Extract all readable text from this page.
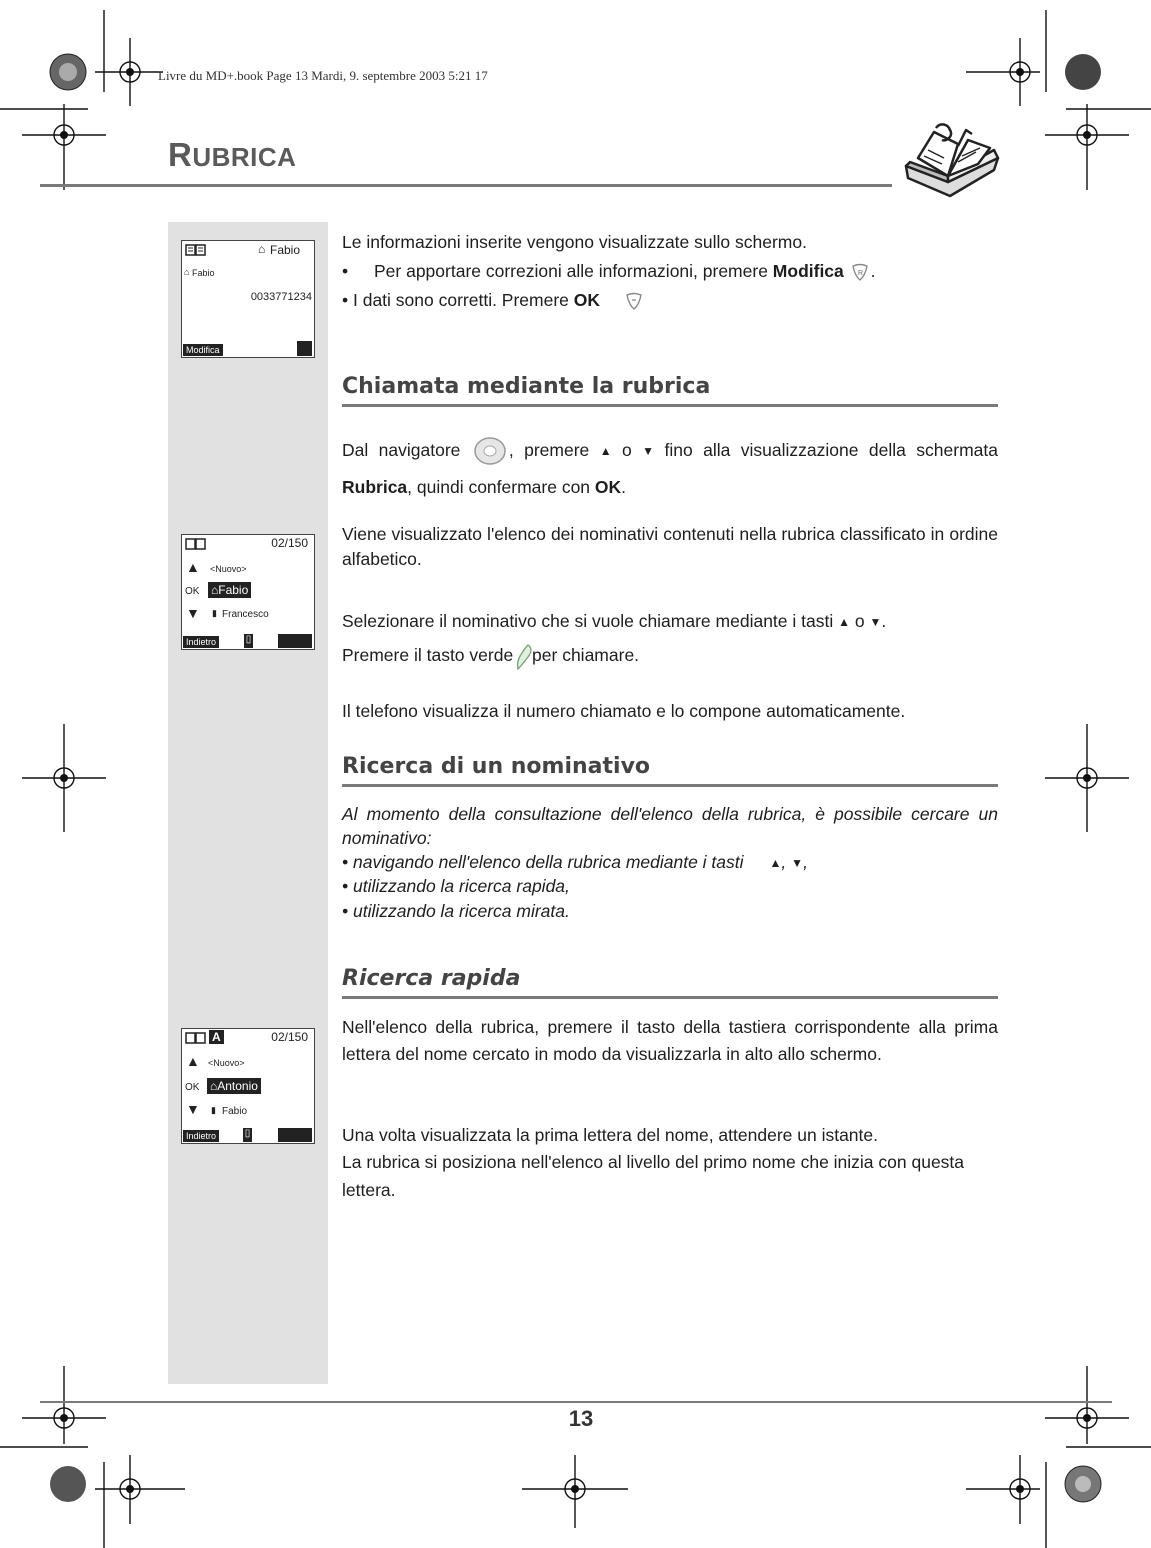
Livre du MD+.book Page 13 Mardi, 9. septembre 2003 5:21 17
RUBRICA
⌂ Fabio
⌂ Fabio
0033771234
Modifica
02/150
▲ <Nuovo>
OK ⌂Fabio
▼ ▮ Francesco
Indietro	▯
A	02/150
▲ <Nuovo>
OK ⌂Antonio
▼ ▮ Fabio
Indietro	▯

Le informazioni inserite vengono visualizzate sullo schermo.

• Per apportare correzioni alle informazioni, premere Modifica R .

• I dati sono corretti. Premere OK

Chiamata mediante la rubrica
Dal navigatore , premere ▲ o ▼ fino alla visualizzazione della schermata Rubrica, quindi confermare con OK.
Viene visualizzato l'elenco dei nominativi contenuti nella rubrica classificato in ordine alfabetico.
Selezionare il nominativo che si vuole chiamare mediante i tasti ▲ o ▼.
Premere il tasto verde per chiamare.
Il telefono visualizza il numero chiamato e lo compone automaticamente.
Ricerca di un nominativo

Al momento della consultazione dell'elenco della rubrica, è possibile cercare un nominativo:

• navigando nell'elenco della rubrica mediante i tasti ▲, ▼,

• utilizzando la ricerca rapida,

• utilizzando la ricerca mirata.

Ricerca rapida
Nell'elenco della rubrica, premere il tasto della tastiera corrispondente alla prima lettera del nome cercato in modo da visualizzarla in alto allo schermo.

Una volta visualizzata la prima lettera del nome, attendere un istante.

La rubrica si posiziona nell'elenco al livello del primo nome che inizia con questa lettera.

13
